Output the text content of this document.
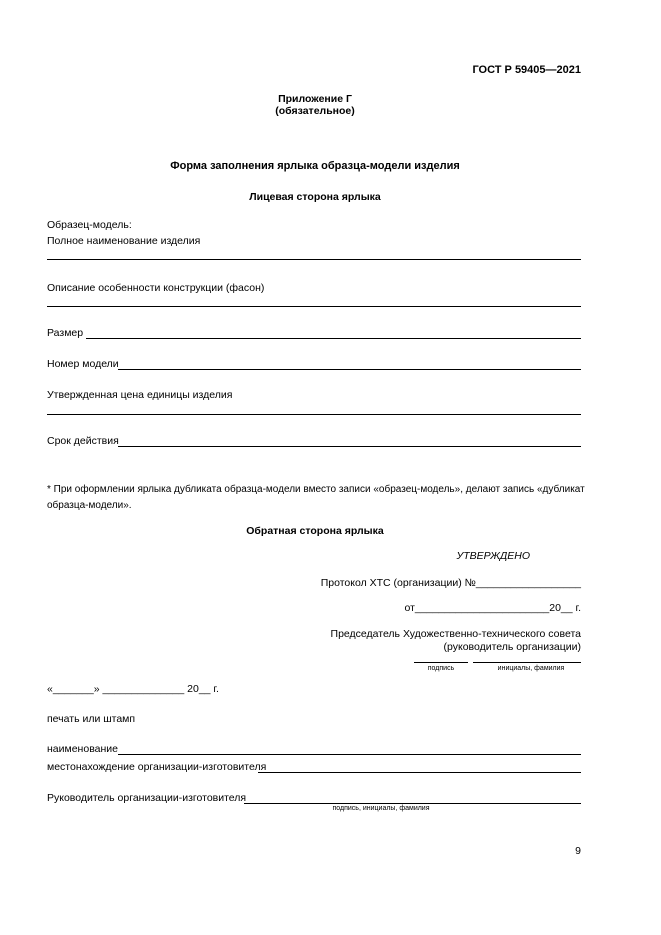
ГОСТ Р 59405—2021
Приложение Г
(обязательное)
Форма заполнения ярлыка образца-модели изделия
Лицевая сторона ярлыка
Образец-модель:
Полное наименование изделия
Описание особенности конструкции (фасон)
Размер
Номер модели
Утвержденная цена единицы изделия
Срок действия
* При оформлении ярлыка дубликата образца-модели вместо записи «образец-модель», делают запись «дубликат
образца-модели».
Обратная сторона ярлыка
УТВЕРЖДЕНО
Протокол ХТС (организации) №__________________
от_______________________20__ г.
Председатель Художественно-технического совета
(руководитель организации)
подпись	инициалы, фамилия
«_______» ______________ 20__ г.
печать или штамп
наименование
местонахождение организации-изготовителя
Руководитель организации-изготовителя
подпись, инициалы, фамилия
9
